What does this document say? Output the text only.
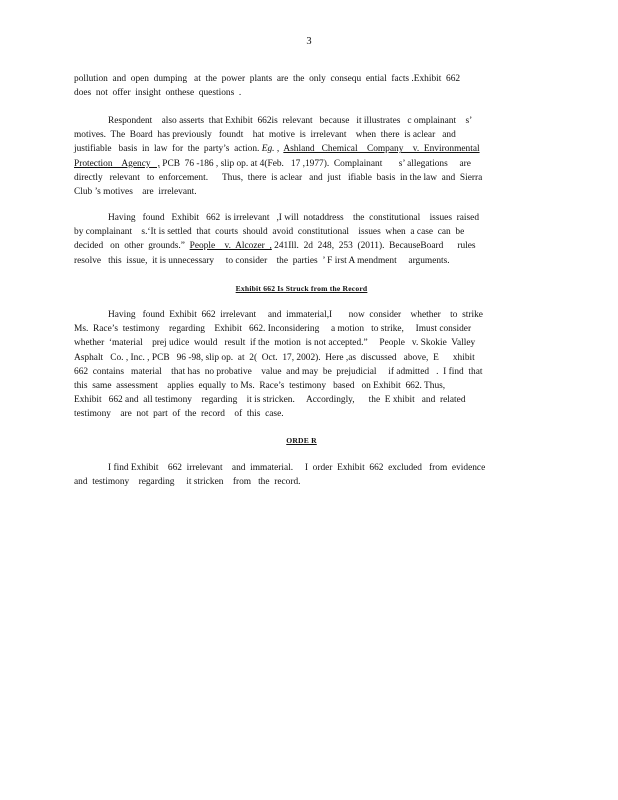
3
pollution  and  open  dumping   at  the  power  plants  are  the  only  consequ  ential  facts .Exhibit  662
does  not  offer  insight  onthese  questions  .
Respondent    also asserts  that Exhibit  662is  relevant   because   it illustrates   c omplainant    s’
motives.  The  Board  has previously   foundt    hat  motive  is  irrelevant    when  there  is aclear   and
justifiable   basis  in  law  for  the  party’s  action. Eg. ,  Ashland   Chemical    Company    v.  Environmental
Protection    Agency   , PCB  76 -186 , slip op. at 4(Feb.   17 ,1977).  Complainant       s’ allegations     are
directly   relevant   to  enforcement.      Thus,  there  is aclear   and  just   ifiable  basis  in the law  and  Sierra
Club ’s motives    are  irrelevant.
Having   found   Exhibit   662  is irrelevant   ,I will  notaddress    the  constitutional    issues  raised
by complainant    s.‘It is settled  that  courts  should  avoid  constitutional    issues  when  a case  can  be
decided   on  other  grounds.”  People    v.  Alcozer  , 241Ill.  2d  248,  253  (2011).  BecauseBoard      rules
resolve   this  issue,  it is unnecessary     to consider    the  parties  ’ F irst A mendment     arguments.
Exhibit 662 Is Struck from the Record
Having   found  Exhibit  662  irrelevant     and  immaterial,I       now  consider    whether    to  strike
Ms.  Race’s  testimony    regarding    Exhibit   662. Inconsidering     a motion   to strike,     Imust consider
whether  ‘material    prej udice  would   result  if the  motion  is not accepted.”     People   v. Skokie  Valley
Asphalt   Co. , Inc. , PCB   96 -98, slip op.  at  2(  Oct.  17, 2002).  Here ,as  discussed   above,  E      xhibit
662  contains   material    that has  no probative    value  and may  be  prejudicial     if admitted   .  I find  that
this  same  assessment    applies  equally  to Ms.  Race’s  testimony   based   on Exhibit  662. Thus,
Exhibit   662 and  all testimony    regarding    it is stricken.     Accordingly,      the  E xhibit   and  related
testimony    are  not  part  of  the  record    of  this  case.
ORDE R
I find Exhibit    662  irrelevant    and  immaterial.     I  order  Exhibit  662  excluded   from  evidence
and  testimony    regarding     it stricken    from   the  record.
